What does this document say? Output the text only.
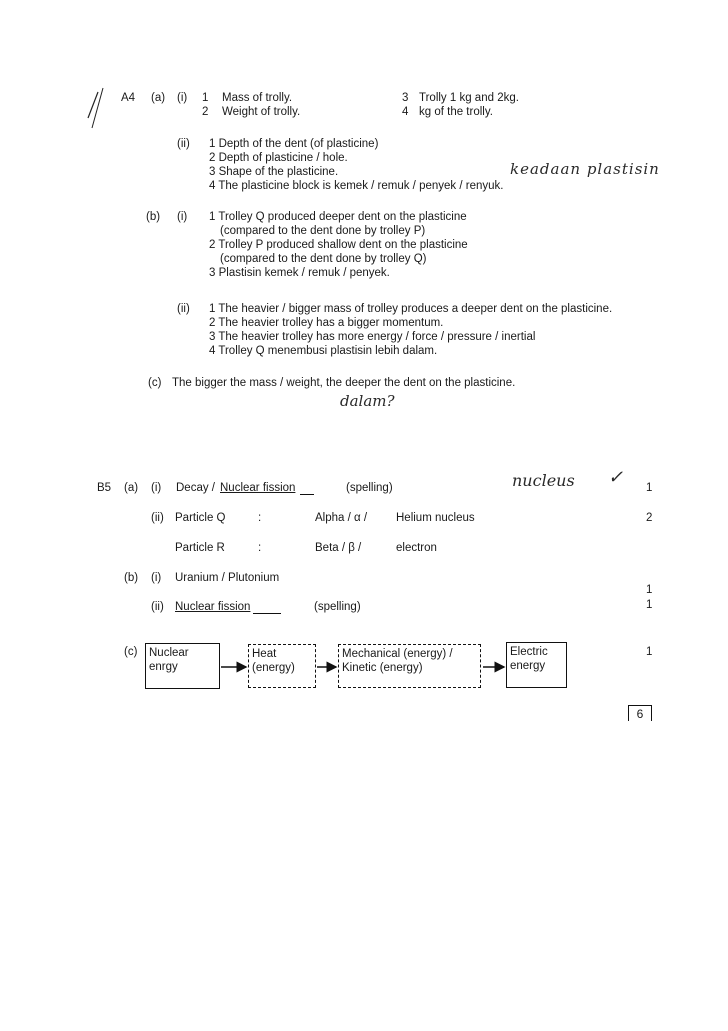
A4 (a) (i) 1 Mass of trolly.
2 Weight of trolly.
3 Trolly 1 kg and 2kg.
4 kg of the trolly.
(ii) 1 Depth of the dent (of plasticine)
2 Depth of plasticine / hole.
3 Shape of the plasticine.
4 The plasticine block is kemek / remuk / penyek / renyuk.
keadaan plastisin
(b) (i) 1 Trolley Q produced deeper dent on the plasticine
(compared to the dent done by trolley P)
2 Trolley P produced shallow dent on the plasticine
(compared to the dent done by trolley Q)
3 Plastisin kemek / remuk / penyek.
(ii) 1 The heavier / bigger mass of trolley produces a deeper dent on the plasticine.
2 The heavier trolley has a bigger momentum.
3 The heavier trolley has more energy / force / pressure / inertial
4 Trolley Q menembusi plastisin lebih dalam.
(c) The bigger the mass / weight, the deeper the dent on the plasticine.
dalam?
B5 (a) (i) Decay / Nuclear fission	(spelling)	nucleus ✓ 1
(ii) Particle Q	:	Alpha / α /	Helium nucleus	2
Particle R	:	Beta / β /	electron
(b) (i) Uranium / Plutonium
1
(ii) Nuclear fission	(spelling)	1
(c)	1
Nuclear
enrgy
Heat
(energy)
Mechanical (energy) /
Kinetic (energy)
Electric
energy
6
